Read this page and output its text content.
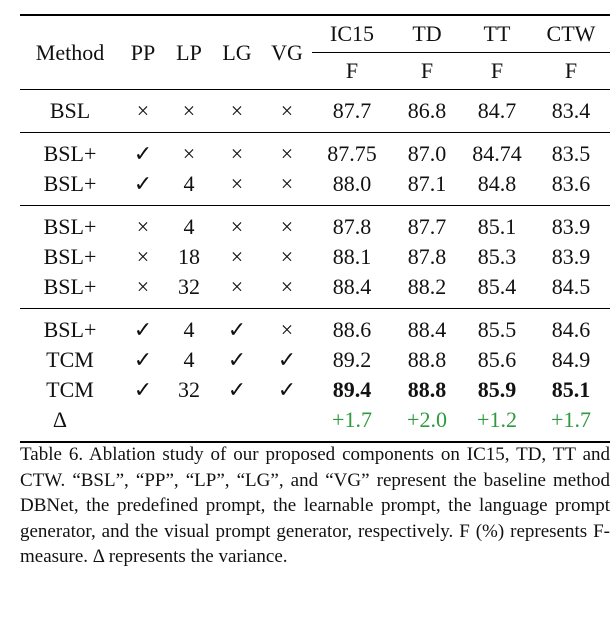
Method	PP	LP	LG	VG	IC15	TD	TT	CTW
					F	F	F	F
BSL	×	×	×	×	87.7	86.8	84.7	83.4
BSL+	✓	×	×	×	87.75	87.0	84.74	83.5
BSL+	✓	4	×	×	88.0	87.1	84.8	83.6
BSL+	×	4	×	×	87.8	87.7	85.1	83.9
BSL+	×	18	×	×	88.1	87.8	85.3	83.9
BSL+	×	32	×	×	88.4	88.2	85.4	84.5
BSL+	✓	4	✓	×	88.6	88.4	85.5	84.6
TCM	✓	4	✓	✓	89.2	88.8	85.6	84.9
TCM	✓	32	✓	✓	89.4	88.8	85.9	85.1
Δ					+1.7	+2.0	+1.2	+1.7
Table 6. Ablation study of our proposed components on IC15, TD, TT and CTW. “BSL”, “PP”, “LP”, “LG”, and “VG” represent the baseline method DBNet, the predefined prompt, the learnable prompt, the language prompt generator, and the visual prompt generator, respectively. F (%) represents F-measure. Δ represents the variance.
